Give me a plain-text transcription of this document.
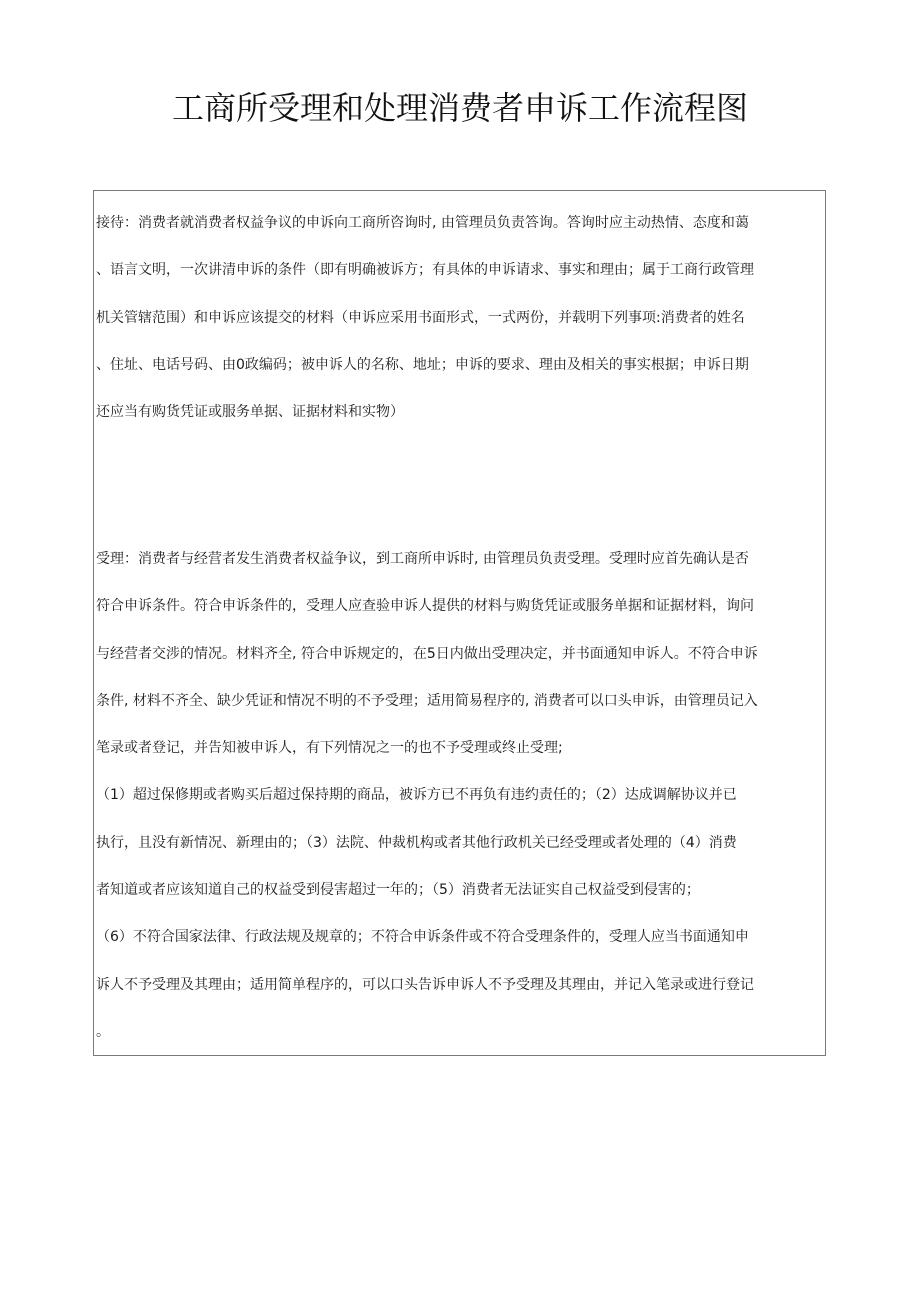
工商所受理和处理消费者申诉工作流程图

接待：消费者就消费者权益争议的申诉向工商所咨询时, 由管理员负责答询。答询时应主动热情、态度和蔼

、语言文明，一次讲清申诉的条件（即有明确被诉方；有具体的申诉请求、事实和理由；属于工商行政管理

机关管辖范围）和申诉应该提交的材料（申诉应采用书面形式，一式两份，并载明下列事项:消费者的姓名

、住址、电话号码、由0政编码；被申诉人的名称、地址；申诉的要求、理由及相关的事实根据；申诉日期

还应当有购货凭证或服务单据、证据材料和实物）

受理：消费者与经营者发生消费者权益争议，到工商所申诉时, 由管理员负责受理。受理时应首先确认是否

符合申诉条件。符合申诉条件的，受理人应查验申诉人提供的材料与购货凭证或服务单据和证据材料，询问

与经营者交涉的情况。材料齐全, 符合申诉规定的，在5日内做出受理决定，并书面通知申诉人。不符合申诉

条件, 材料不齐全、缺少凭证和情况不明的不予受理；适用简易程序的, 消费者可以口头申诉，由管理员记入

笔录或者登记，并告知被申诉人，有下列情况之一的也不予受理或终止受理;

（1）超过保修期或者购买后超过保持期的商品，被诉方已不再负有违约责任的；（2）达成调解协议并已

执行，且没有新情况、新理由的；（3）法院、仲裁机构或者其他行政机关已经受理或者处理的（4）消费

者知道或者应该知道自己的权益受到侵害超过一年的；（5）消费者无法证实自己权益受到侵害的；

（6）不符合国家法律、行政法规及规章的；不符合申诉条件或不符合受理条件的，受理人应当书面通知申

诉人不予受理及其理由；适用简单程序的，可以口头告诉申诉人不予受理及其理由，并记入笔录或进行登记

。
